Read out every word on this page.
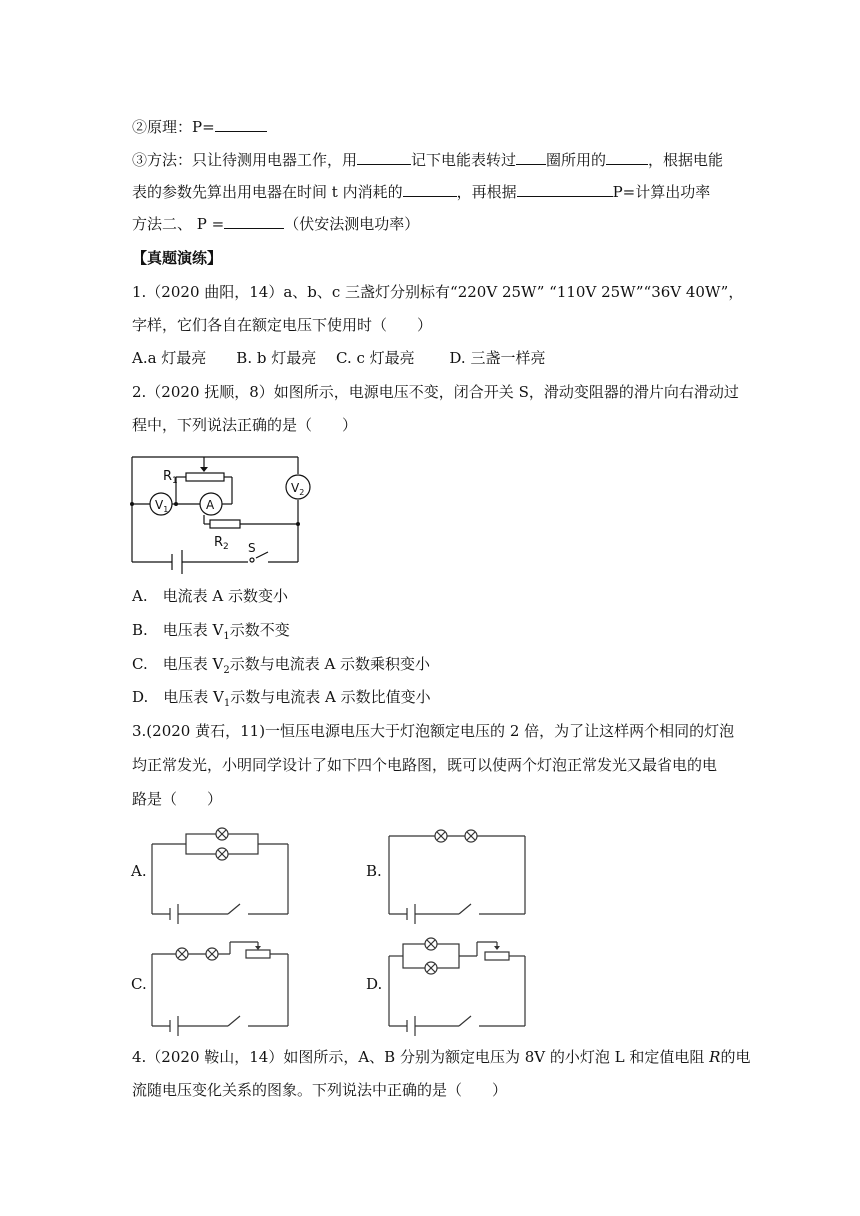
②原理：P=
③方法：只让待测用电器工作，用	记下电能表转过 圈所用的	，根据电能
表的参数先算出用电器在时间 t 内消耗的	，再根据	P=计算出功率
方法二、 P =	（伏安法测电功率）
【真题演练】
1.（2020 曲阳，14）a、b、c 三盏灯分别标有“220V 25W” “110V 25W”“36V 40W”，
字样，它们各自在额定电压下使用时（　　）
A.a 灯最亮　　B. b 灯最亮　 C. c 灯最亮　　 D. 三盏一样亮
2.（2020 抚顺，8）如图所示，电源电压不变，闭合开关 S，滑动变阻器的滑片向右滑动过
程中，下列说法正确的是（　　）
$R_1$
$R_2$
$V_1$	A
$V_2$
S
A.　电流表 A 示数变小
B.　电压表 $V_1$示数不变
C.　电压表 $V_2$示数与电流表 A 示数乘积变小
D.　电压表 $V_1$示数与电流表 A 示数比值变小
3.(2020 黄石，11)一恒压电源电压大于灯泡额定电压的 2 倍，为了让这样两个相同的灯泡
均正常发光，小明同学设计了如下四个电路图，既可以使两个灯泡正常发光又最省电的电
路是（　　）
A.	B.
C.	D.
4.（2020 鞍山，14）如图所示，A、B 分别为额定电压为 8V 的小灯泡 L 和定值电阻 R的电
流随电压变化关系的图象。下列说法中正确的是（　　）
